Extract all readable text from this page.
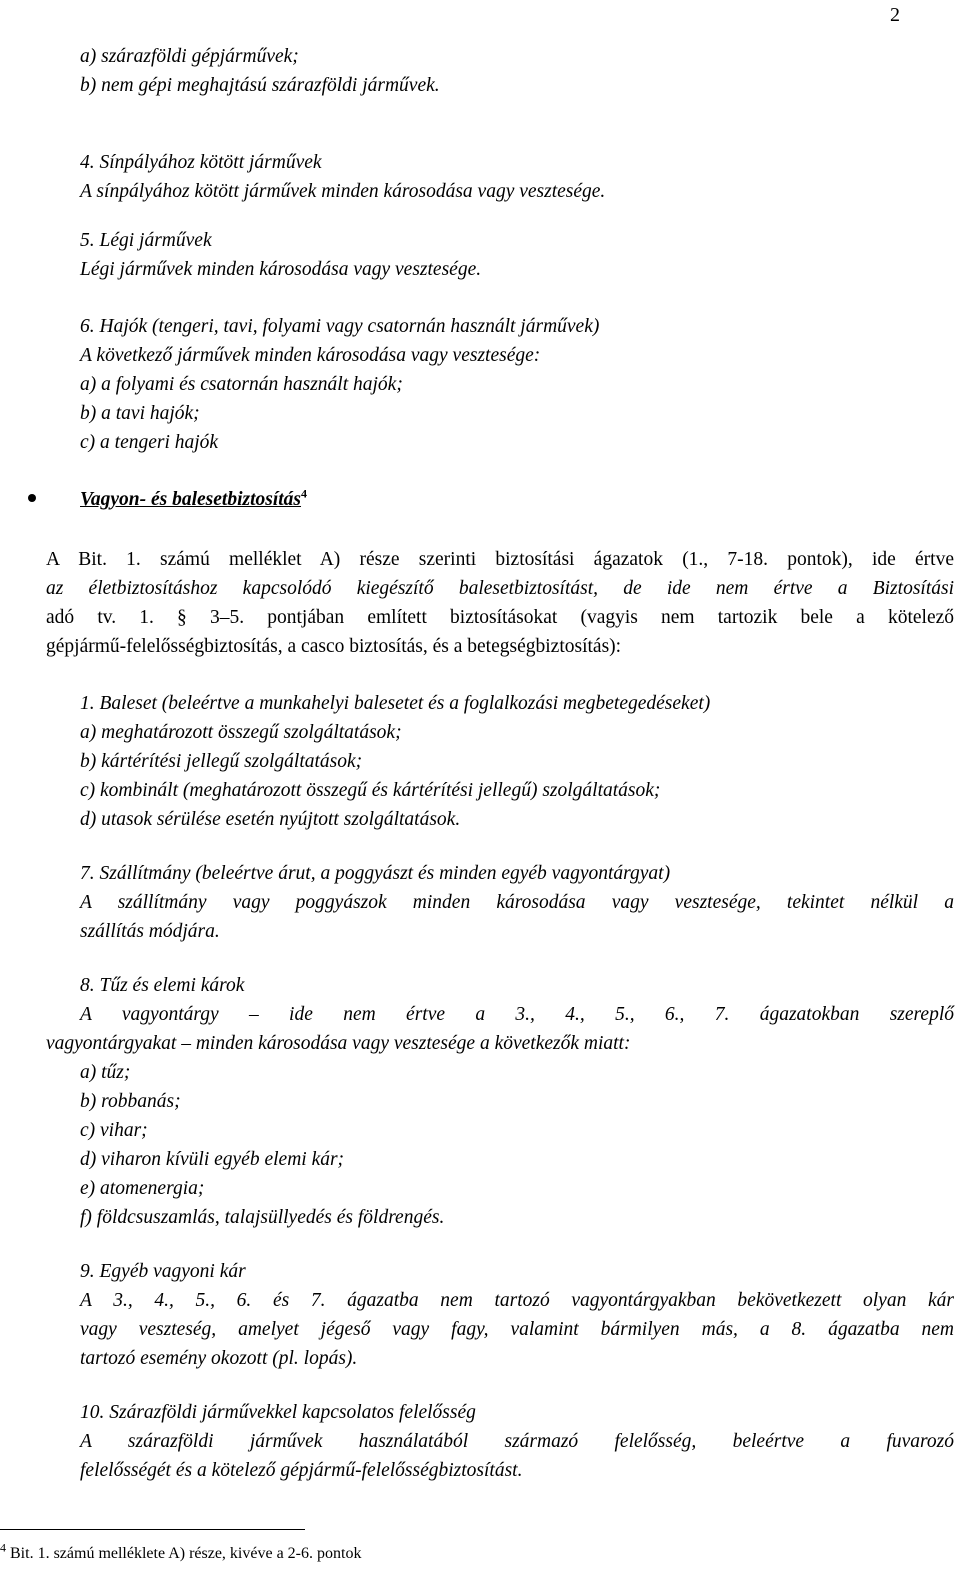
2
a) szárazföldi gépjárművek;
b) nem gépi meghajtású szárazföldi járművek.
4. Sínpályához kötött járművek
A sínpályához kötött járművek minden károsodása vagy vesztesége.
5. Légi járművek
Légi járművek minden károsodása vagy vesztesége.
6. Hajók (tengeri, tavi, folyami vagy csatornán használt járművek)
A következő járművek minden károsodása vagy vesztesége:
a) a folyami és csatornán használt hajók;
b) a tavi hajók;
c) a tengeri hajók
Vagyon- és balesetbiztosítás$^4$
A Bit. 1. számú melléklet A) része szerinti biztosítási ágazatok (1., 7-18. pontok), ide értve
az életbiztosításhoz kapcsolódó kiegészítő balesetbiztosítást, de ide nem értve a Biztosítási
adó tv. 1. § 3–5. pontjában említett biztosításokat (vagyis nem tartozik bele a kötelező
gépjármű-felelősségbiztosítás, a casco biztosítás, és a betegségbiztosítás):
1. Baleset (beleértve a munkahelyi balesetet és a foglalkozási megbetegedéseket)
a) meghatározott összegű szolgáltatások;
b) kártérítési jellegű szolgáltatások;
c) kombinált (meghatározott összegű és kártérítési jellegű) szolgáltatások;
d) utasok sérülése esetén nyújtott szolgáltatások.
7. Szállítmány (beleértve árut, a poggyászt és minden egyéb vagyontárgyat)
A szállítmány vagy poggyászok minden károsodása vagy vesztesége, tekintet nélkül a
szállítás módjára.
8. Tűz és elemi károk
A vagyontárgy – ide nem értve a 3., 4., 5., 6., 7. ágazatokban szereplő
vagyontárgyakat – minden károsodása vagy vesztesége a következők miatt:
a) tűz;
b) robbanás;
c) vihar;
d) viharon kívüli egyéb elemi kár;
e) atomenergia;
f) földcsuszamlás, talajsüllyedés és földrengés.
9. Egyéb vagyoni kár
A 3., 4., 5., 6. és 7. ágazatba nem tartozó vagyontárgyakban bekövetkezett olyan kár
vagy veszteség, amelyet jégeső vagy fagy, valamint bármilyen más, a 8. ágazatba nem
tartozó esemény okozott (pl. lopás).
10. Szárazföldi járművekkel kapcsolatos felelősség
A szárazföldi járművek használatából származó felelősség, beleértve a fuvarozó
felelősségét és a kötelező gépjármű-felelősségbiztosítást.
$^4$ Bit. 1. számú melléklete A) része, kivéve a 2-6. pontok
